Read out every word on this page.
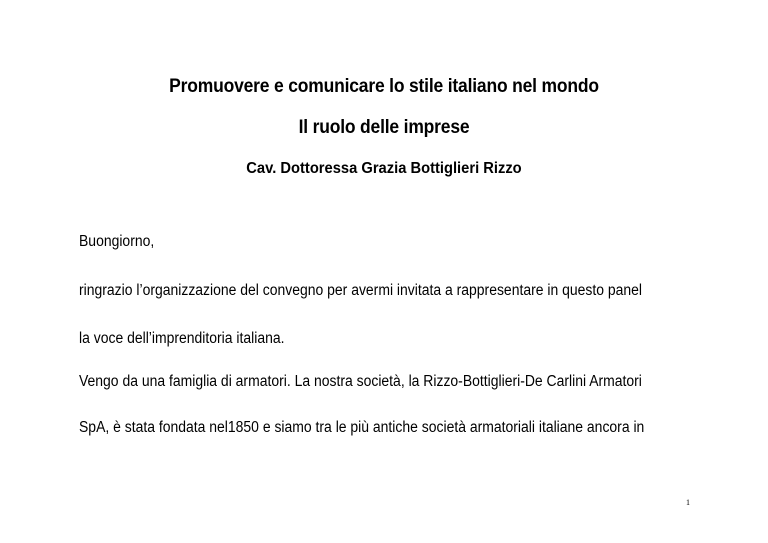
Promuovere e comunicare lo stile italiano nel mondo
Il ruolo delle imprese
Cav. Dottoressa Grazia Bottiglieri Rizzo
Buongiorno,
ringrazio l’organizzazione del convegno per avermi invitata a rappresentare in questo panel
la voce dell’imprenditoria italiana.
Vengo da una famiglia di armatori. La nostra società, la Rizzo-Bottiglieri-De Carlini Armatori
SpA, è stata fondata nel1850 e siamo tra le più antiche società armatoriali italiane ancora in
1
